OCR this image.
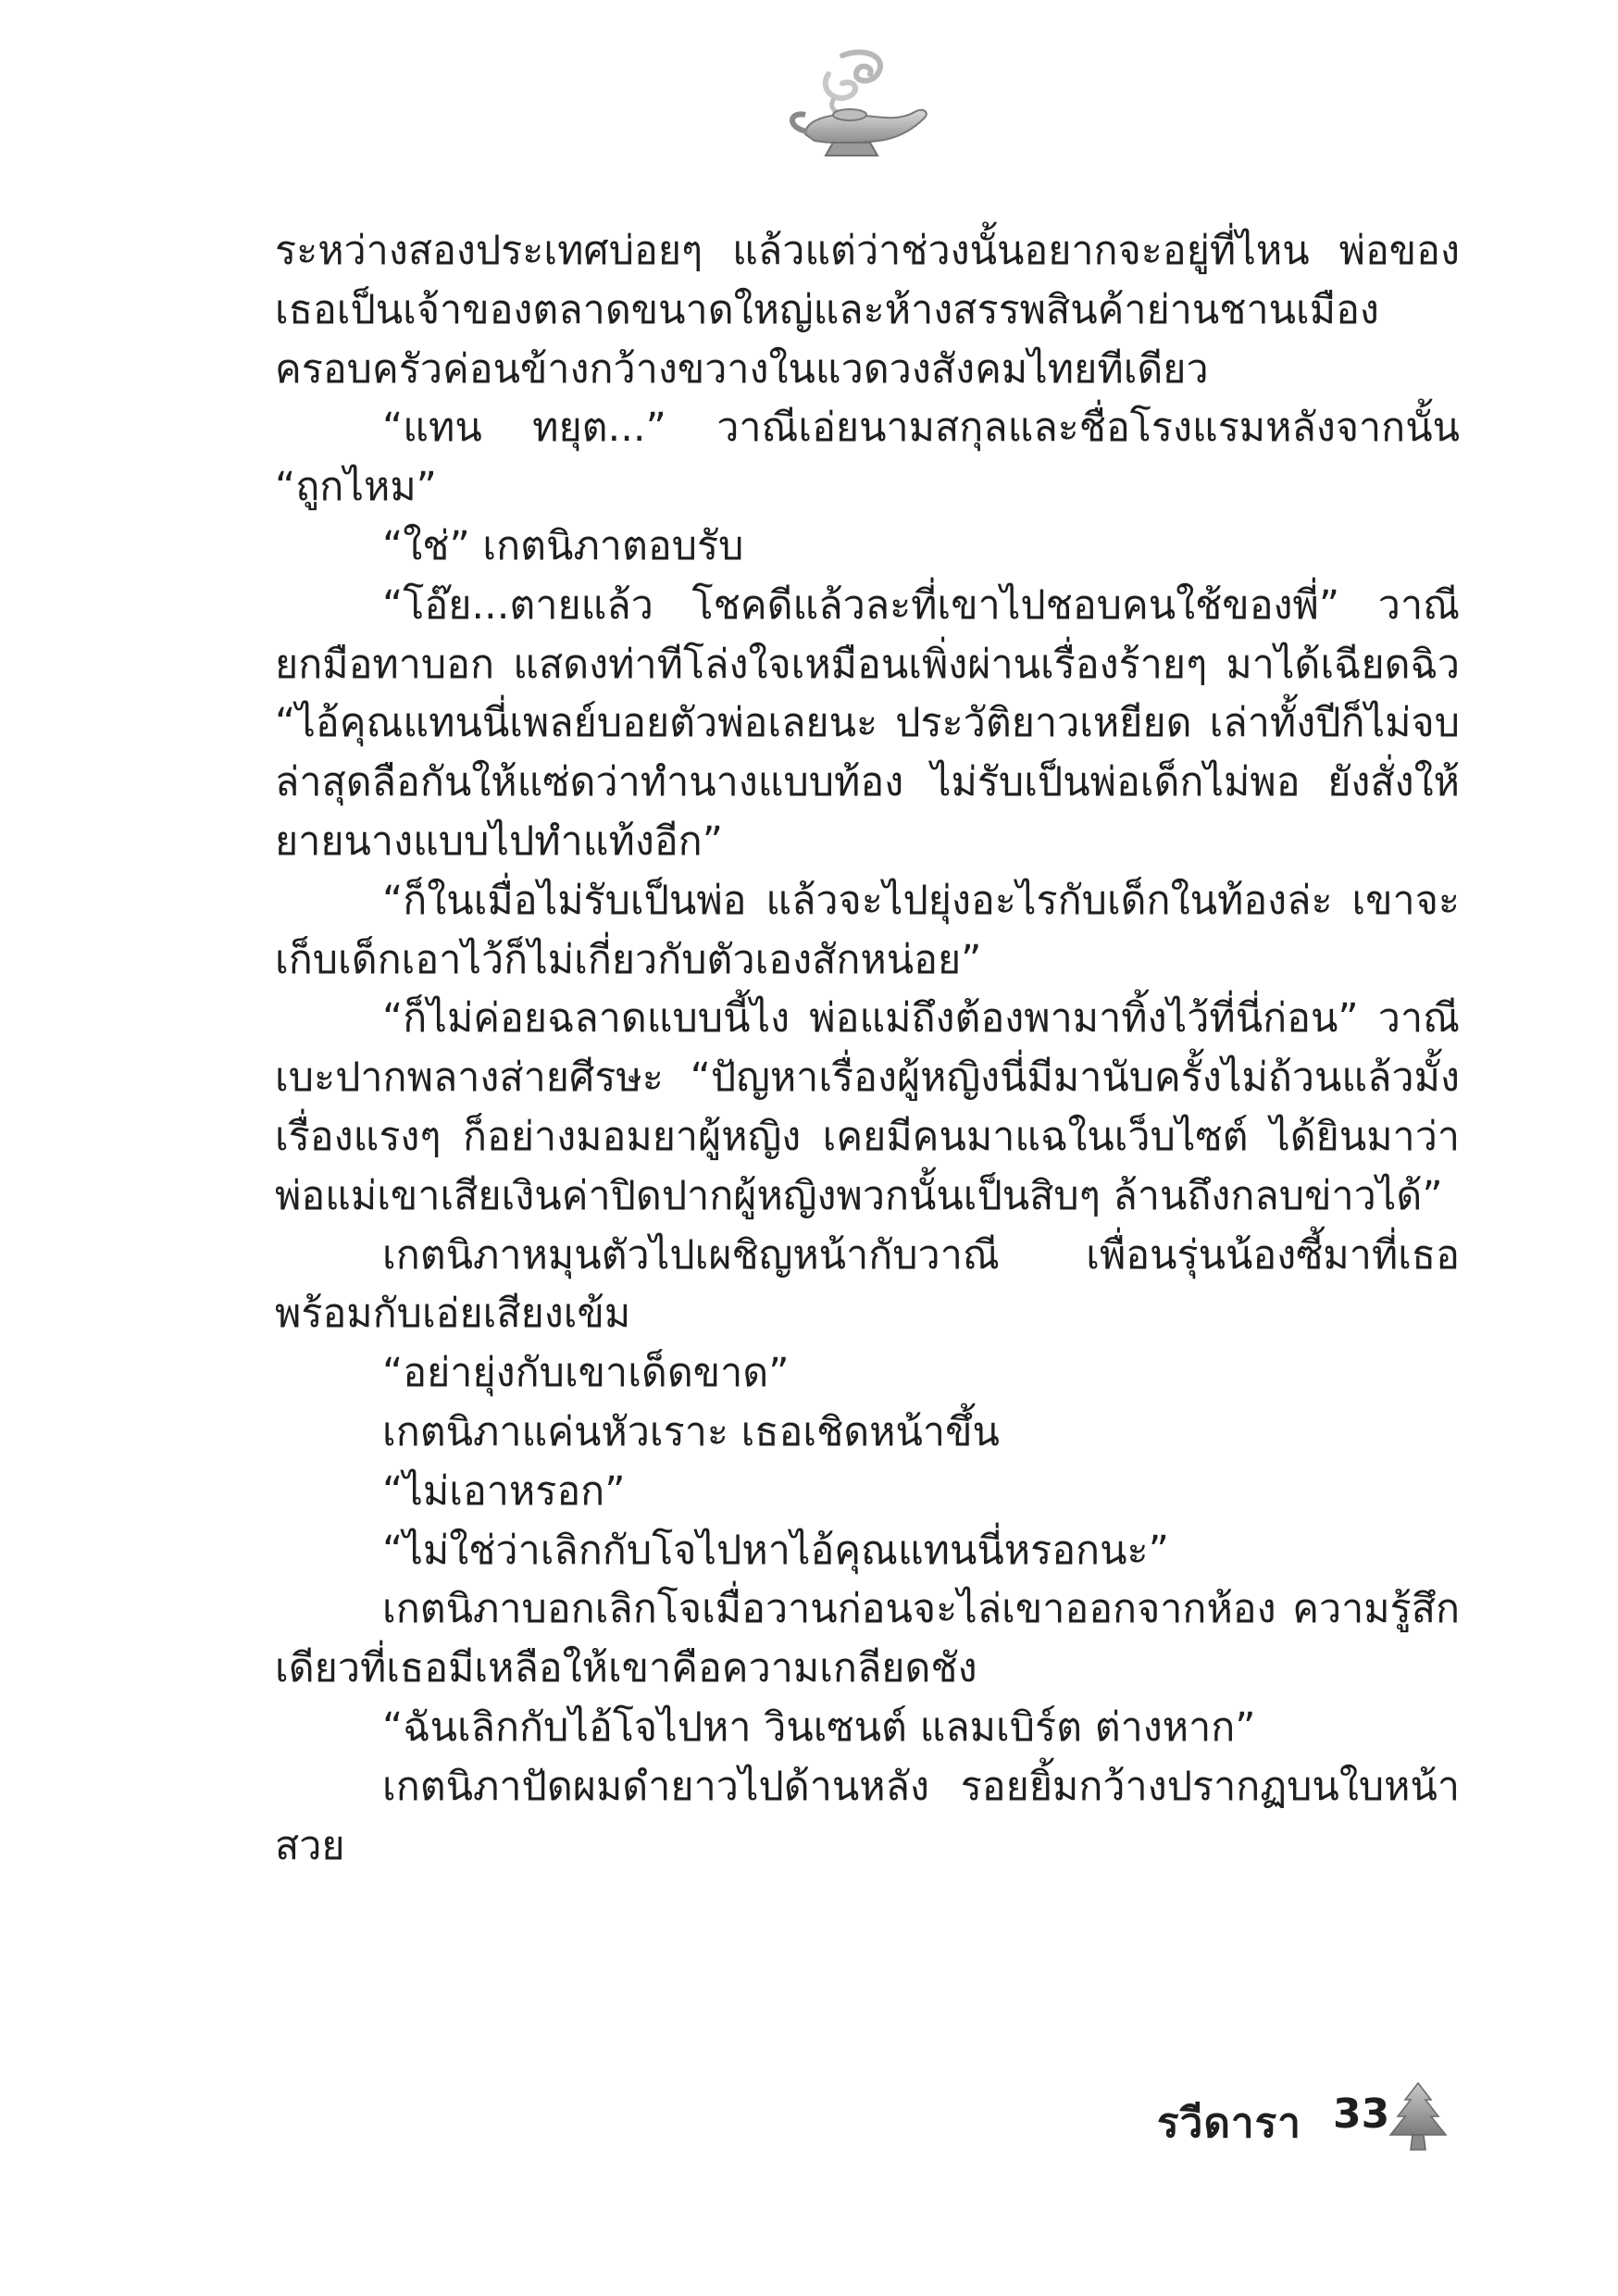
ระหว่างสองประเทศบ่อยๆ แล้วแต่ว่าช่วงนั้นอยากจะอยู่ที่ไหน พ่อของเธอเป็นเจ้าของตลาดขนาดใหญ่และห้างสรรพสินค้าย่านชานเมือง ครอบครัวค่อนข้างกว้างขวางในแวดวงสังคมไทยทีเดียว

“แทน ทยุต...” วาณีเอ่ยนามสกุลและชื่อโรงแรมหลังจากนั้น “ถูกไหม”

“ใช่” เกตนิภาตอบรับ

“โอ๊ย...ตายแล้ว โชคดีแล้วละที่เขาไปชอบคนใช้ของพี่” วาณียกมือทาบอก แสดงท่าทีโล่งใจเหมือนเพิ่งผ่านเรื่องร้ายๆ มาได้เฉียดฉิว “ไอ้คุณแทนนี่เพลย์บอยตัวพ่อเลยนะ ประวัติยาวเหยียด เล่าทั้งปีก็ไม่จบ ล่าสุดลือกันให้แซ่ดว่าทำนางแบบท้อง ไม่รับเป็นพ่อเด็กไม่พอ ยังสั่งให้ยายนางแบบไปทำแท้งอีก”

“ก็ในเมื่อไม่รับเป็นพ่อ แล้วจะไปยุ่งอะไรกับเด็กในท้องล่ะ เขาจะเก็บเด็กเอาไว้ก็ไม่เกี่ยวกับตัวเองสักหน่อย”

“ก็ไม่ค่อยฉลาดแบบนี้ไง พ่อแม่ถึงต้องพามาทิ้งไว้ที่นี่ก่อน” วาณีเบะปากพลางส่ายศีรษะ “ปัญหาเรื่องผู้หญิงนี่มีมานับครั้งไม่ถ้วนแล้วมั้ง เรื่องแรงๆ ก็อย่างมอมยาผู้หญิง เคยมีคนมาแฉในเว็บไซต์ ได้ยินมาว่าพ่อแม่เขาเสียเงินค่าปิดปากผู้หญิงพวกนั้นเป็นสิบๆ ล้านถึงกลบข่าวได้”

เกตนิภาหมุนตัวไปเผชิญหน้ากับวาณี เพื่อนรุ่นน้องซี้มาที่เธอพร้อมกับเอ่ยเสียงเข้ม

“อย่ายุ่งกับเขาเด็ดขาด”

เกตนิภาแค่นหัวเราะ เธอเชิดหน้าขึ้น

“ไม่เอาหรอก”

“ไม่ใช่ว่าเลิกกับโจไปหาไอ้คุณแทนนี่หรอกนะ”

เกตนิภาบอกเลิกโจเมื่อวานก่อนจะไล่เขาออกจากห้อง ความรู้สึกเดียวที่เธอมีเหลือให้เขาคือความเกลียดชัง

“ฉันเลิกกับไอ้โจไปหา วินเซนต์ แลมเบิร์ต ต่างหาก”

เกตนิภาปัดผมดำยาวไปด้านหลัง รอยยิ้มกว้างปรากฏบนใบหน้าสวย

รวีดารา 33
